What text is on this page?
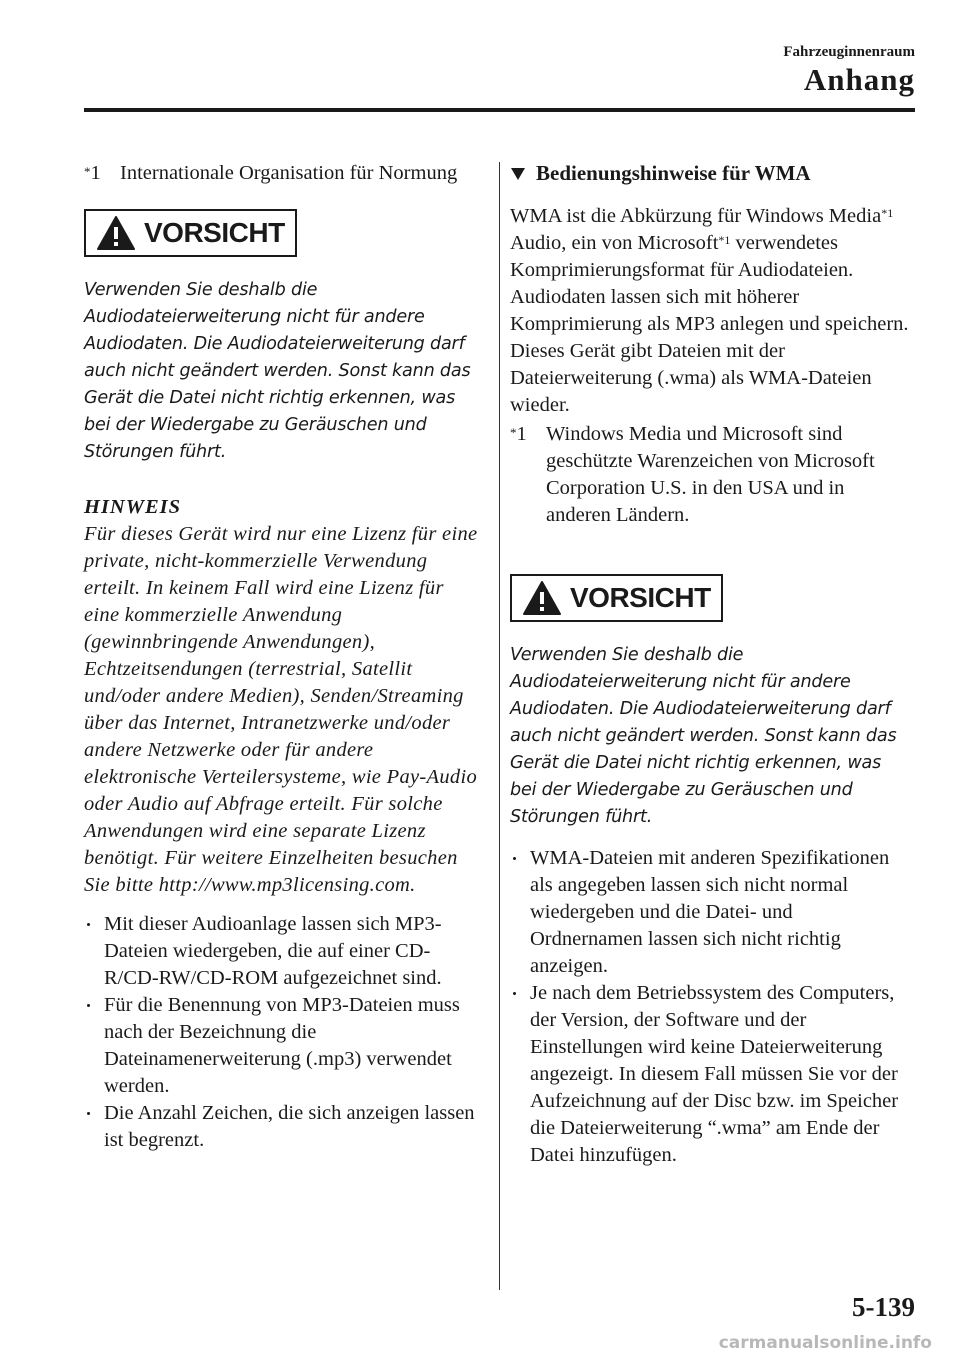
Fahrzeuginnenraum
Anhang
*1 Internationale Organisation für Normung
VORSICHT
Verwenden Sie deshalb die Audiodateierweiterung nicht für andere Audiodaten. Die Audiodateierweiterung darf auch nicht geändert werden. Sonst kann das Gerät die Datei nicht richtig erkennen, was bei der Wiedergabe zu Geräuschen und Störungen führt.
HINWEIS
Für dieses Gerät wird nur eine Lizenz für eine private, nicht-kommerzielle Verwendung erteilt. In keinem Fall wird eine Lizenz für eine kommerzielle Anwendung (gewinnbringende Anwendungen), Echtzeitsendungen (terrestrial, Satellit und/oder andere Medien), Senden/Streaming über das Internet, Intranetzwerke und/oder andere Netzwerke oder für andere elektronische Verteilersysteme, wie Pay-Audio oder Audio auf Abfrage erteilt. Für solche Anwendungen wird eine separate Lizenz benötigt. Für weitere Einzelheiten besuchen Sie bitte http://www.mp3licensing.com.
Mit dieser Audioanlage lassen sich MP3-Dateien wiedergeben, die auf einer CD-R/CD-RW/CD-ROM aufgezeichnet sind.
Für die Benennung von MP3-Dateien muss nach der Bezeichnung die Dateinamenerweiterung (.mp3) verwendet werden.
Die Anzahl Zeichen, die sich anzeigen lassen ist begrenzt.
Bedienungshinweise für WMA
WMA ist die Abkürzung für Windows Media$^{*1}$ Audio, ein von Microsoft$^{*1}$ verwendetes Komprimierungsformat für Audiodateien.
Audiodaten lassen sich mit höherer Komprimierung als MP3 anlegen und speichern.
Dieses Gerät gibt Dateien mit der Dateierweiterung (.wma) als WMA-Dateien wieder.
*1 Windows Media und Microsoft sind geschützte Warenzeichen von Microsoft Corporation U.S. in den USA und in anderen Ländern.
VORSICHT
Verwenden Sie deshalb die Audiodateierweiterung nicht für andere Audiodaten. Die Audiodateierweiterung darf auch nicht geändert werden. Sonst kann das Gerät die Datei nicht richtig erkennen, was bei der Wiedergabe zu Geräuschen und Störungen führt.
WMA-Dateien mit anderen Spezifikationen als angegeben lassen sich nicht normal wiedergeben und die Datei- und Ordnernamen lassen sich nicht richtig anzeigen.
Je nach dem Betriebssystem des Computers, der Version, der Software und der Einstellungen wird keine Dateierweiterung angezeigt. In diesem Fall müssen Sie vor der Aufzeichnung auf der Disc bzw. im Speicher die Dateierweiterung “.wma” am Ende der Datei hinzufügen.
5-139
carmanualsonline.info
